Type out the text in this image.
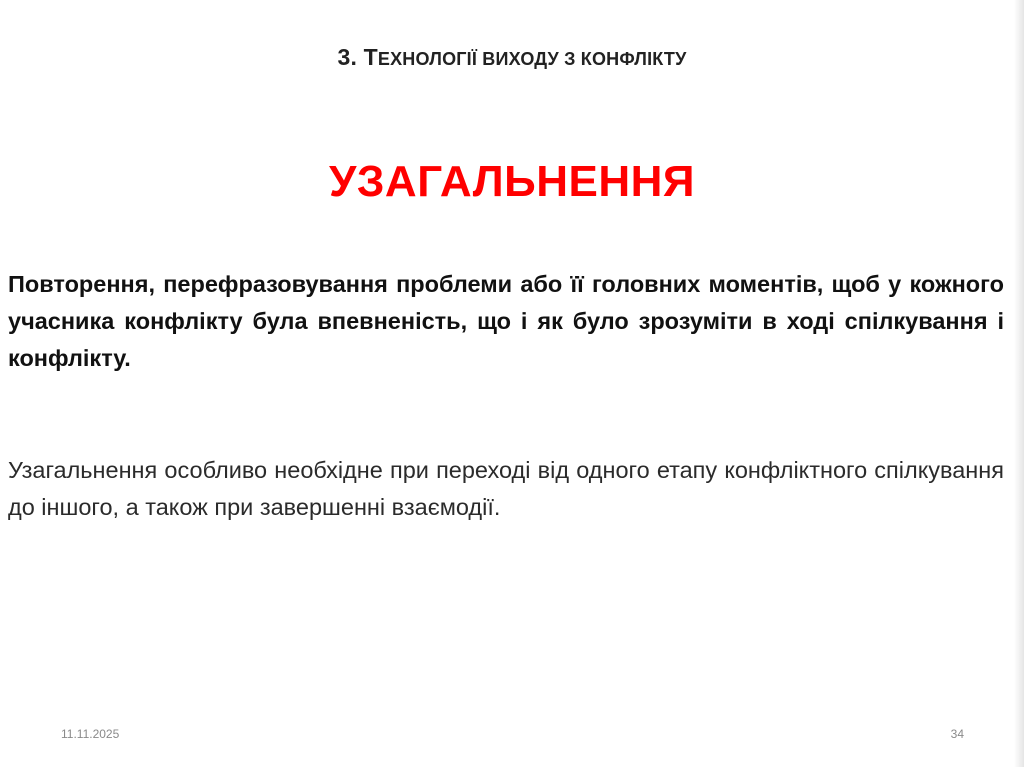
3. ТЕХНОЛОГІЇ ВИХОДУ З КОНФЛІКТУ
УЗАГАЛЬНЕННЯ

Повторення, перефразовування проблеми або її головних моментів, щоб у кожного учасника конфлікту була впевненість, що і як було зрозуміти в ході спілкування і конфлікту.

Узагальнення особливо необхідне при переході від одного етапу конфліктного спілкування до іншого, а також при завершенні взаємодії.

11.11.2025	34
